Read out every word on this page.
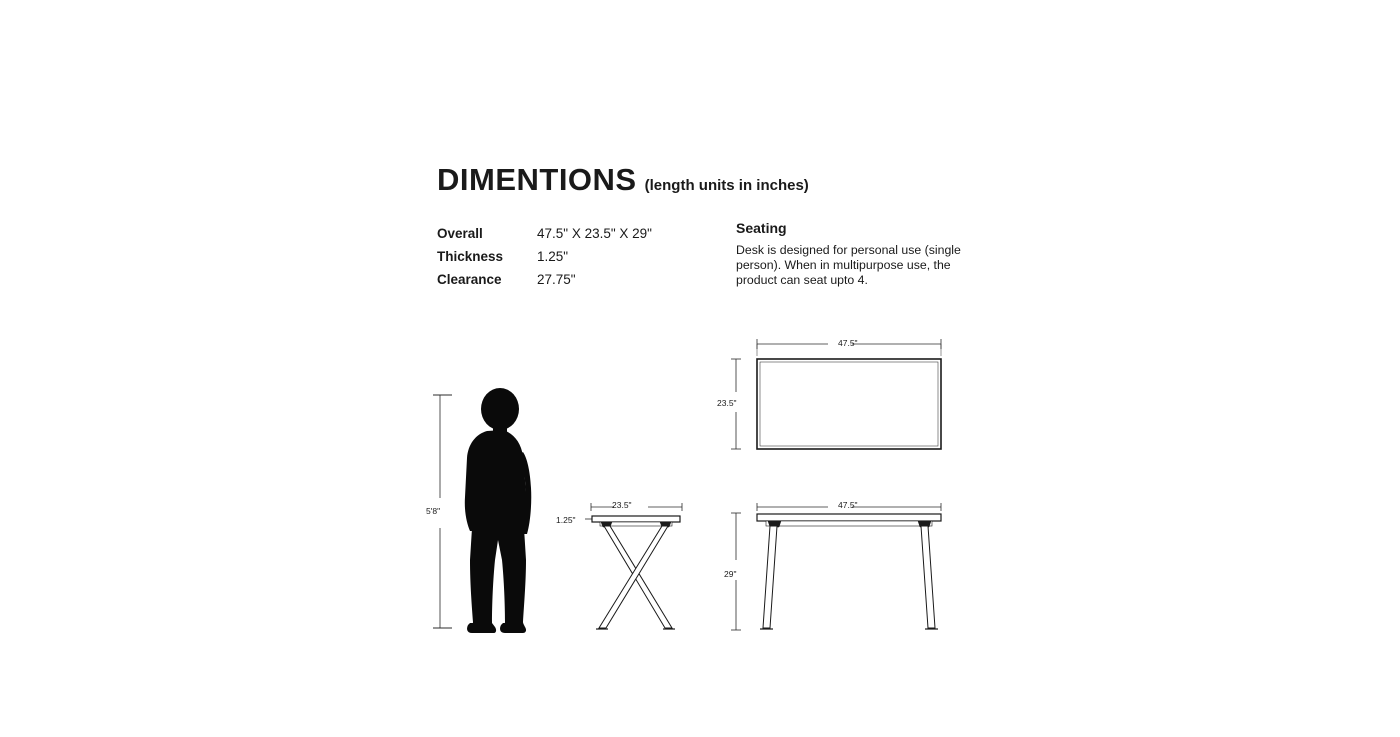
DIMENTIONS (length units in inches)
Overall	47.5" X 23.5" X 29"
Thickness	1.25"
Clearance	27.75"
Seating

Desk is designed for personal use (single person). When in multipurpose use, the product can seat upto 4.

47.5"
23.5"
5'8"
23.5"
1.25"
47.5"
29"
